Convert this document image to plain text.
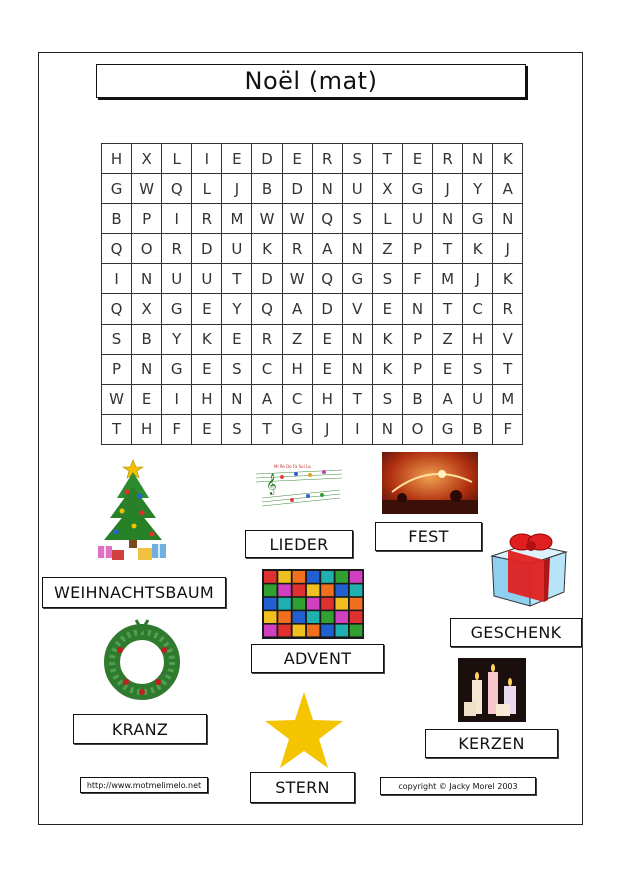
Noël (mat)
H	X	L	I	E	D	E	R	S	T	E	R	N	K
G	W	Q	L	J	B	D	N	U	X	G	J	Y	A
B	P	I	R	M	W	W	Q	S	L	U	N	G	N
Q	O	R	D	U	K	R	A	N	Z	P	T	K	J
I	N	U	U	T	D	W	Q	G	S	F	M	J	K
Q	X	G	E	Y	Q	A	D	V	E	N	T	C	R
S	B	Y	K	E	R	Z	E	N	K	P	Z	H	V
P	N	G	E	S	C	H	E	N	K	P	E	S	T
W	E	I	H	N	A	C	H	T	S	B	A	U	M
T	H	F	E	S	T	G	J	I	N	O	G	B	F
𝄞
Mi Re Do Fa Sol La
LIEDER	FEST
WEIHNACHTSBAUM
GESCHENK
ADVENT
KRANZ
KERZEN
STERN
http://www.motmelimelo.net	copyright © Jacky Morel 2003
